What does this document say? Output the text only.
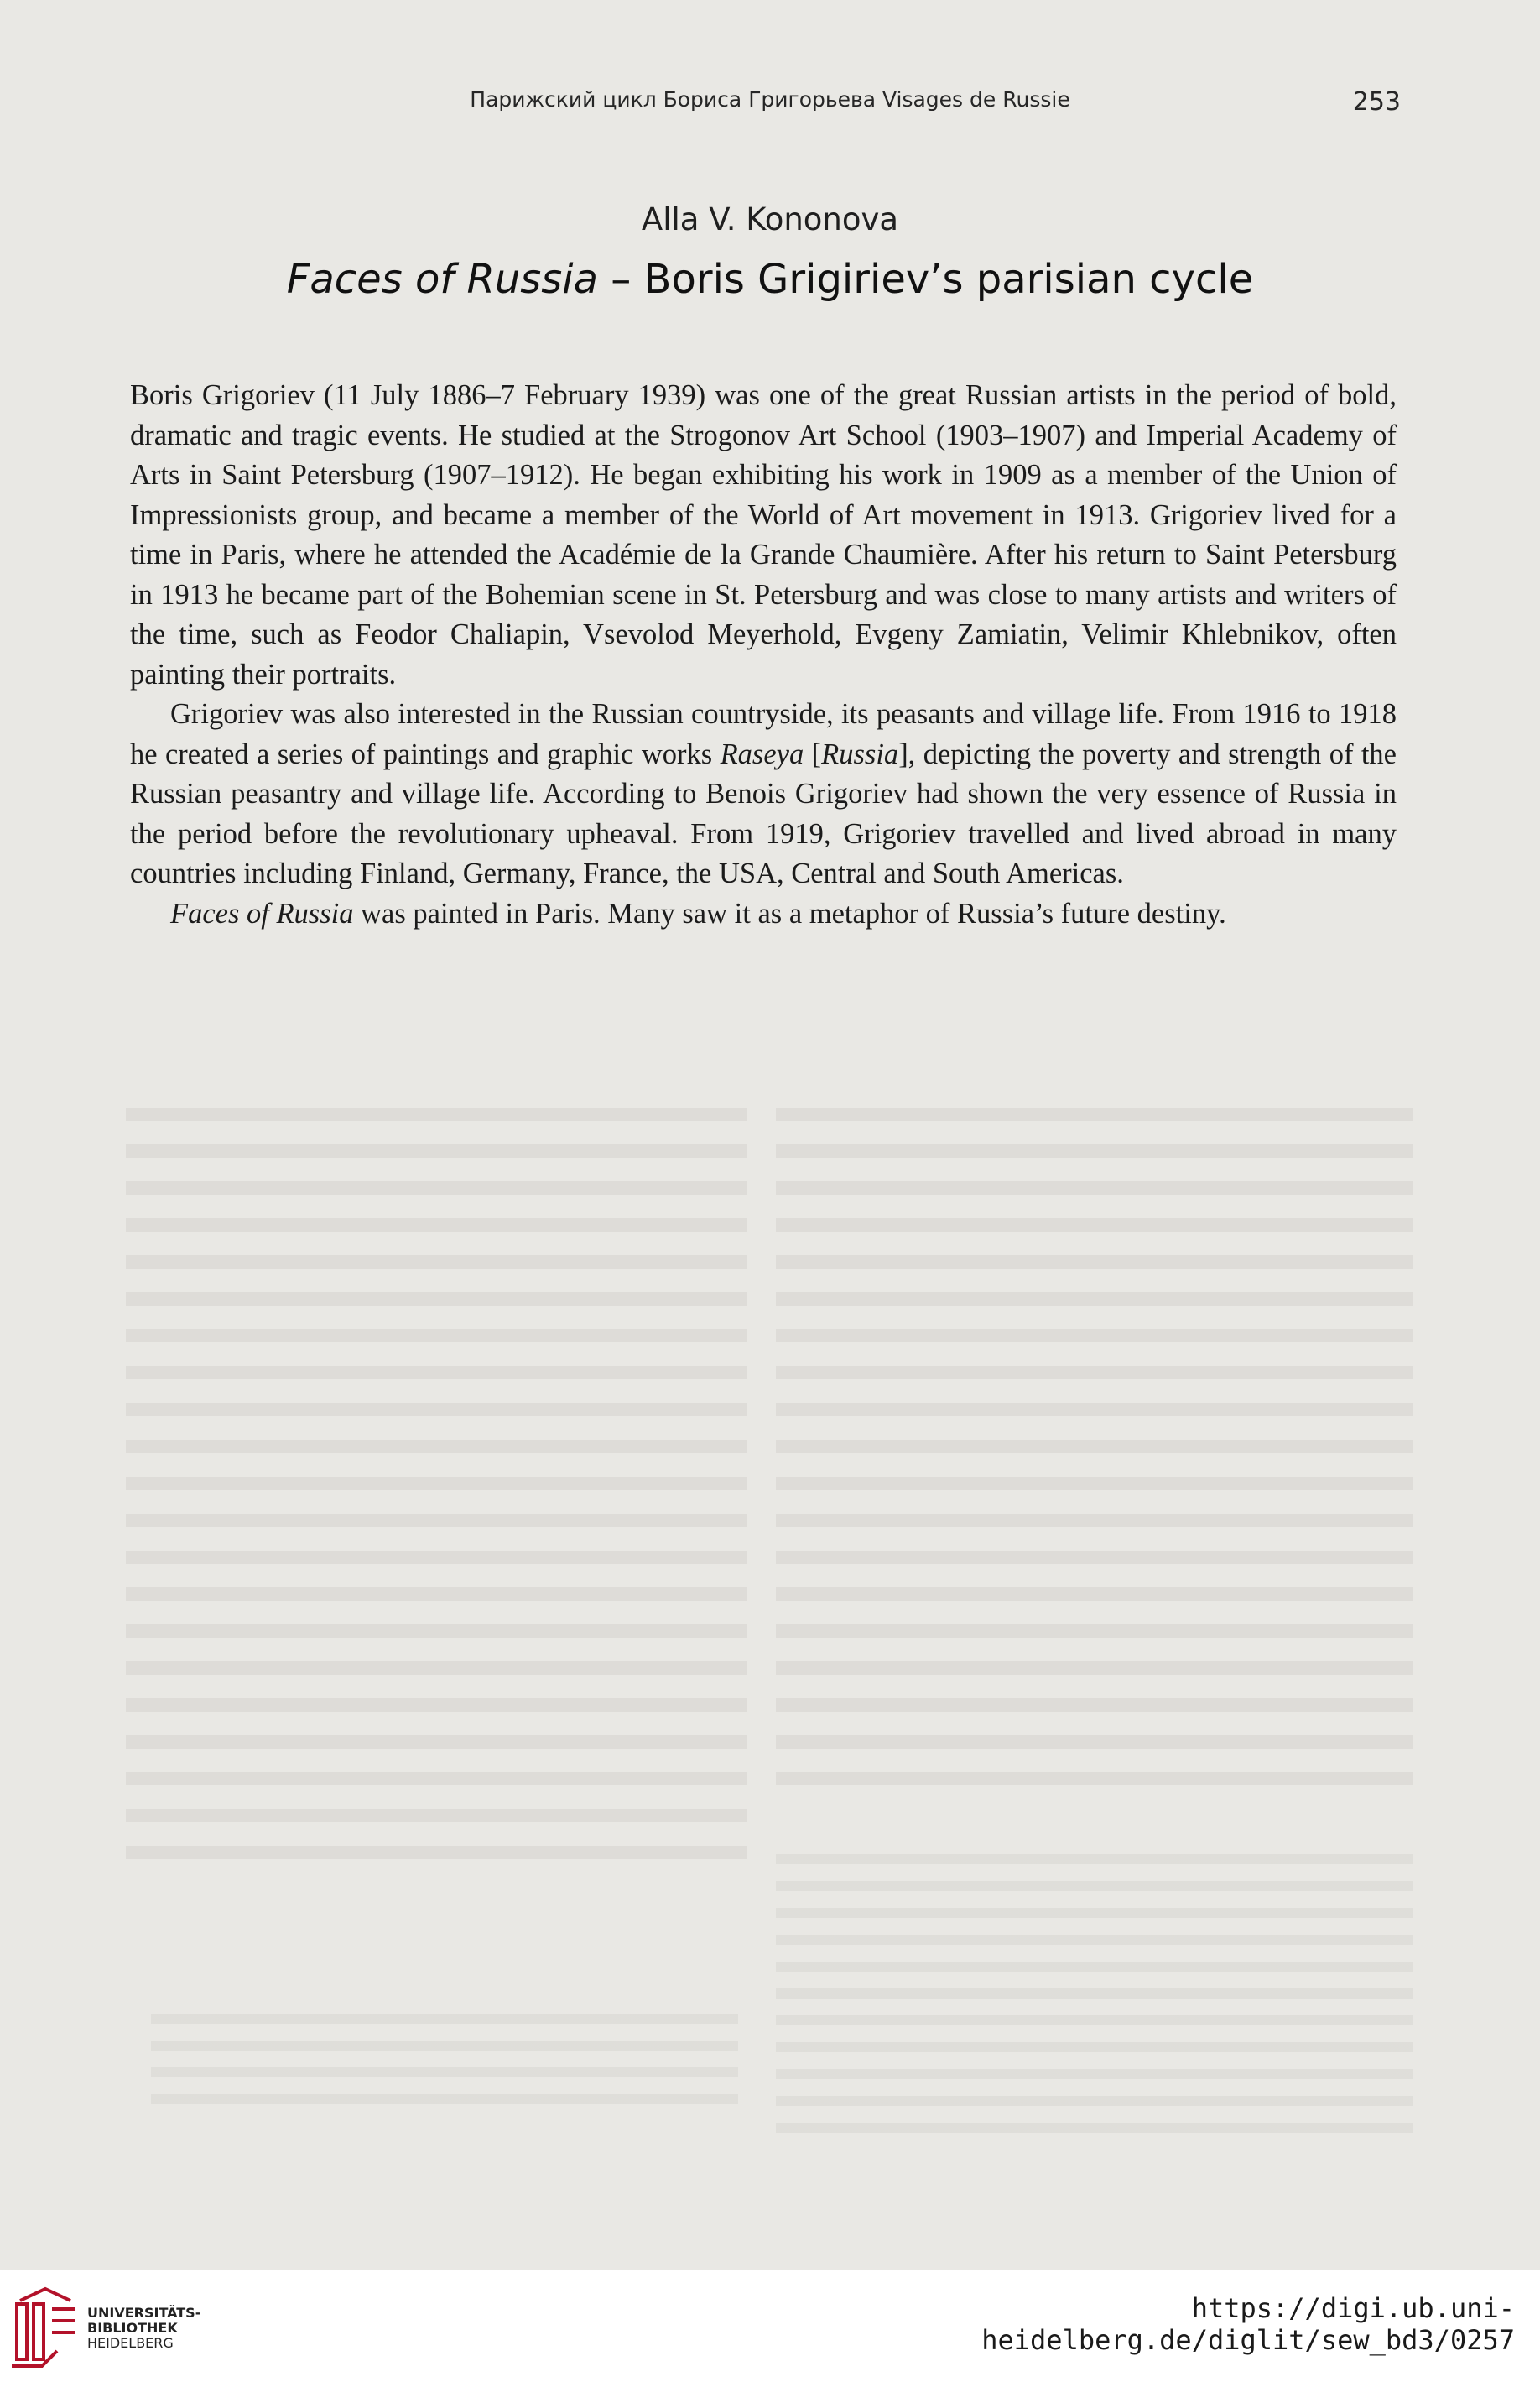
Парижский цикл Бориса Григорьева Visages de Russie	253
Alla V. Kononova
Faces of Russia – Boris Grigiriev’s parisian cycle

Boris Grigoriev (11 July 1886–7 February 1939) was one of the great Russian artists in the period of bold, dramatic and tragic events. He studied at the Strogonov Art School (1903–1907) and Imperial Academy of Arts in Saint Petersburg (1907–1912). He began exhibiting his work in 1909 as a member of the Union of Impressionists group, and became a member of the World of Art movement in 1913. Grigoriev lived for a time in Paris, where he attended the Académie de la Grande Chaumière. After his return to Saint Petersburg in 1913 he became part of the Bohemian scene in St. Petersburg and was close to many artists and writers of the time, such as Feodor Chaliapin, Vsevolod Meyerhold, Evgeny Zamiatin, Velimir Khlebnikov, often painting their portraits.

Grigoriev was also interested in the Russian countryside, its peasants and village life. From 1916 to 1918 he created a series of paintings and graphic works Raseya [Russia], depicting the poverty and strength of the Russian peasantry and village life. According to Benois Grigoriev had shown the very essence of Russia in the period before the revolutionary upheaval. From 1919, Grigoriev travelled and lived abroad in many countries including Finland, Germany, France, the USA, Central and South Americas.

Faces of Russia was painted in Paris. Many saw it as a metaphor of Russia’s future destiny.

UNIVERSITÄTS-
BIBLIOTHEK
HEIDELBERG
https://digi.ub.uni-heidelberg.de/diglit/sew_bd3/0257
